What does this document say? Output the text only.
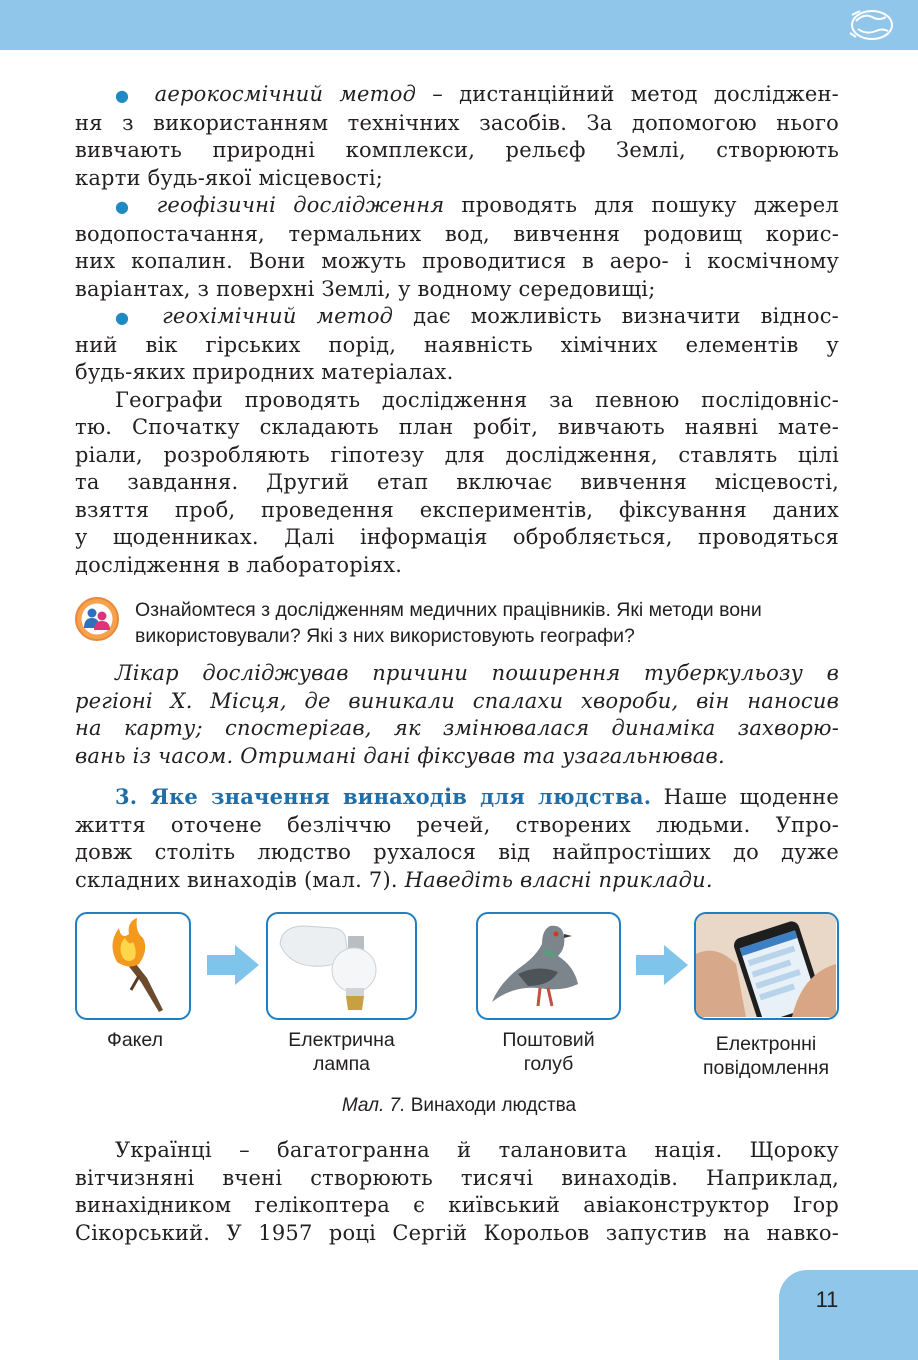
● аерокосмічний метод – дистанційний метод досліджен-

ня з використанням технічних засобів. За допомогою нього

вивчають природні комплекси, рельєф Землі, створюють

карти будь-якої місцевості;

● геофізичні дослідження проводять для пошуку джерел

водопостачання, термальних вод, вивчення родовищ корис-

них копалин. Вони можуть проводитися в аеро- і космічному

варіантах, з поверхні Землі, у водному середовищі;

● геохімічний метод дає можливість визначити віднос-

ний вік гірських порід, наявність хімічних елементів у

будь-яких природних матеріалах.

Географи проводять дослідження за певною послідовніс-

тю. Спочатку складають план робіт, вивчають наявні мате-

ріали, розробляють гіпотезу для дослідження, ставлять цілі

та завдання. Другий етап включає вивчення місцевості,

взяття проб, проведення експериментів, фіксування даних

у щоденниках. Далі інформація обробляється, проводяться

дослідження в лабораторіях.

Ознайомтеся з дослідженням медичних працівників. Які методи вони
використовували? Які з них використовують географи?

Лікар досліджував причини поширення туберкульозу в

регіоні Х. Місця, де виникали спалахи хвороби, він наносив

на карту; спостерігав, як змінювалася динаміка захворю-

вань із часом. Отримані дані фіксував та узагальнював.

3. Яке значення винаходів для людства. Наше щоденне

життя оточене безліччю речей, створених людьми. Упро-

довж століть людство рухалося від найпростіших до дуже

складних винаходів (мал. 7). Наведіть власні приклади.

Факел	Електрична
лампа
Поштовий
голуб
Електронні
повідомлення
Мал. 7. Винаходи людства

Українці – багатогранна й талановита нація. Щороку

вітчизняні вчені створюють тисячі винаходів. Наприклад,

винахідником гелікоптера є київський авіаконструктор Ігор

Сікорський. У 1957 році Сергій Корольов запустив на навко-

11
